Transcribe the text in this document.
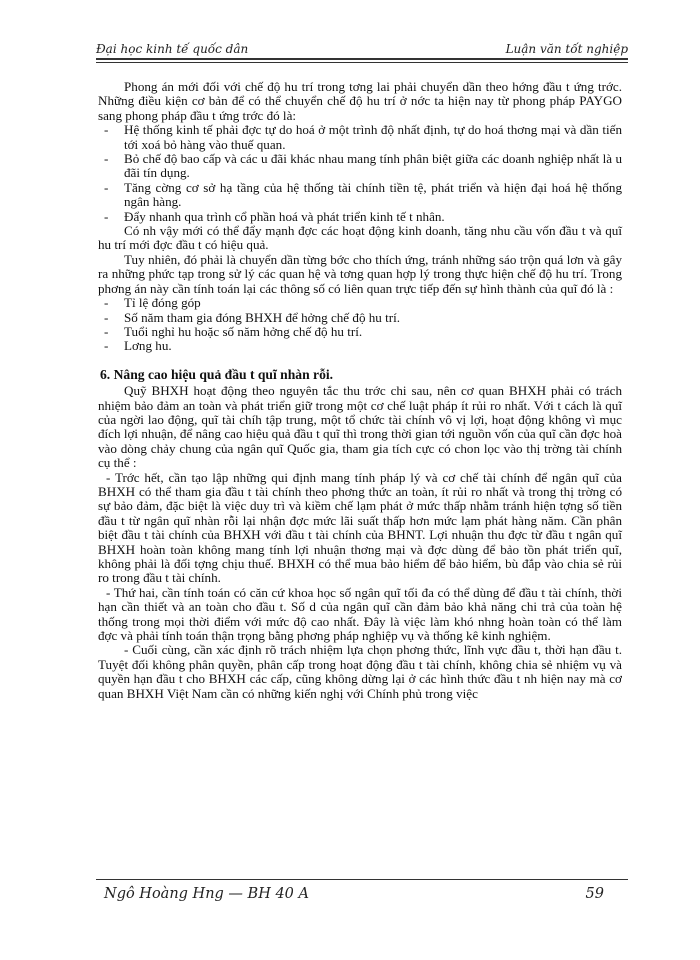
Đại học kinh tế quốc dân	Luận văn tốt nghiệp

Phong án mới đối với chế độ hu trí trong tơng lai phải chuyển dần theo hớng đầu t ứng trớc. Những điều kiện cơ bản để có thể chuyển chế độ hu trí ở nớc ta hiện nay từ phong pháp PAYGO sang phong pháp đầu t ứng trớc đó là:

- Hệ thống kinh tế phải đợc tự do hoá ở một trình độ nhất định, tự do hoá thơng mại và dần tiến tới xoá bỏ hàng vào thuế quan.
- Bỏ chế độ bao cấp và các u đãi khác nhau mang tính phân biệt giữa các doanh nghiệp nhất là u đãi tín dụng.
- Tăng cờng cơ sở hạ tầng của hệ thống tài chính tiền tệ, phát triển và hiện đại hoá hệ thống ngân hàng.
- Đẩy nhanh qua trình cổ phần hoá và phát triển kinh tế t nhân.

Có nh vậy mới có thể đẩy mạnh đợc các hoạt động kinh doanh, tăng nhu cầu vốn đầu t và quĩ hu trí mới đợc đầu t có hiệu quả.

Tuy nhiên, đó phải là chuyển dần từng bớc cho thích ứng, tránh những sáo trộn quá lơn và gây ra những phức tạp trong sử lý các quan hệ và tơng quan hợp lý trong thực hiện chế độ hu trí. Trong phơng án này cần tính toán lại các thông số có liên quan trực tiếp đến sự hình thành của quĩ đó là :

- Tỉ lệ đóng góp
- Số năm tham gia đóng BHXH để hởng chế độ hu trí.
- Tuổi nghỉ hu hoặc số năm hởng chế độ hu trí.
- Lơng hu.

6. Nâng cao hiệu quả đầu t quĩ nhàn rỗi.

Quỹ BHXH hoạt động theo nguyên tắc thu trớc chi sau, nên cơ quan BHXH phải có trách nhiệm bảo đảm an toàn và phát triển giữ trong một cơ chế luật pháp ít rủi ro nhất. Với t cách là quĩ của ngời lao động, quĩ tài chíh tập trung, một tổ chức tài chính vô vị lợi, hoạt động không vì mục đích lợi nhuận, để nâng cao hiệu quả đầu t quĩ thì trong thời gian tới nguồn vốn của quĩ cần đợc hoà vào dòng chảy chung của ngân quĩ Quốc gia, tham gia tích cực có chon lọc vào thị trờng tài chính cụ thể :

- Trớc hết, cần tạo lập những qui định mang tính pháp lý và cơ chế tài chính để ngân quĩ của BHXH có thể tham gia đầu t tài chính theo phơng thức an toàn, ít rủi ro nhất và trong thị trờng có sự bảo đảm, đặc biệt là việc duy trì và kiềm chế lạm phát ở mức thấp nhằm tránh hiện tợng số tiền đầu t từ ngân quĩ nhàn rỗi lại nhận đợc mức lãi suất thấp hơn mức lạm phát hàng năm. Cần phân biệt đầu t tài chính của BHXH với đầu t tài chính của BHNT. Lợi nhuận thu đợc từ đầu t ngân quĩ BHXH hoàn toàn không mang tính lợi nhuận thơng mại và đợc dùng để bảo tồn phát triển quĩ, không phải là đối tợng chịu thuế. BHXH có thể mua bảo hiểm để bảo hiểm, bù đắp vào chia sẻ rủi ro trong đầu t tài chính.

- Thứ hai, cần tính toán có căn cứ khoa học số ngân quĩ tối đa có thể dùng để đầu t tài chính, thời hạn cần thiết và an toàn cho đầu t. Số d của ngân quĩ cần đảm bảo khả năng chi trả của toàn hệ thống trong mọi thời điểm với mức độ cao nhất. Đây là việc làm khó nhng hoàn toàn có thể làm đợc và phải tính toán thận trọng bằng phơng pháp nghiệp vụ và thống kê kinh nghiệm.

- Cuối cùng, cần xác định rõ trách nhiệm lựa chọn phơng thức, lĩnh vực đầu t, thời hạn đầu t. Tuyệt đối không phân quyền, phân cấp trong hoạt động đầu t tài chính, không chia sẻ nhiệm vụ và quyền hạn đầu t cho BHXH các cấp, cũng không dừng lại ở các hình thức đầu t nh hiện nay mà cơ quan BHXH Việt Nam cần có những kiến nghị với Chính phủ trong việc

Ngô Hoàng Hng — BH 40 A	59
